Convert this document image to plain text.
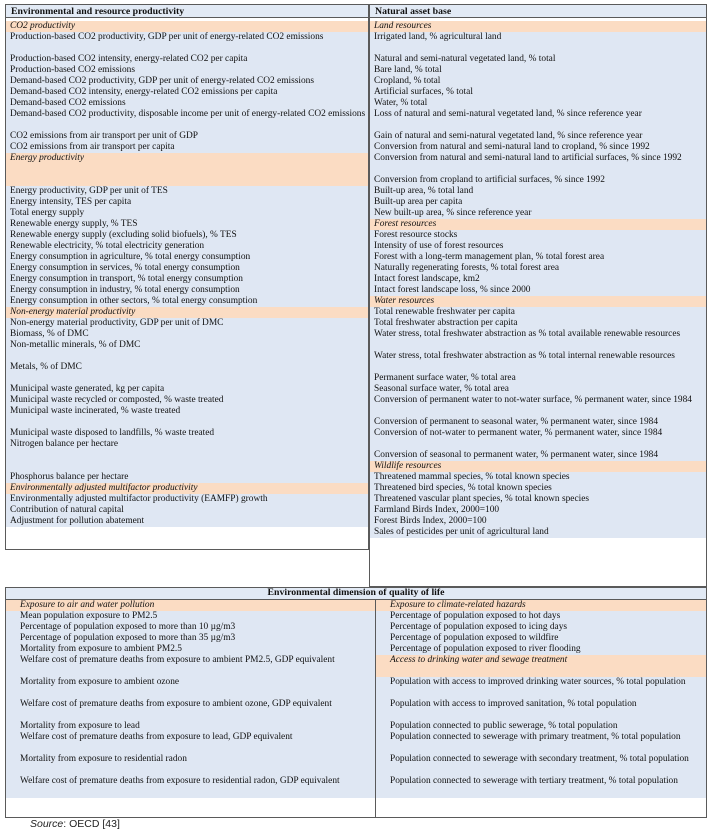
Environmental and resource productivity
CO2 productivity
Production-based CO2 productivity, GDP per unit of energy-related CO2 emissions
Production-based CO2 intensity, energy-related CO2 per capita
Production-based CO2 emissions
Demand-based CO2 productivity, GDP per unit of energy-related CO2 emissions
Demand-based CO2 intensity, energy-related CO2 emissions per capita
Demand-based CO2 emissions
Demand-based CO2 productivity, disposable income per unit of energy-related CO2 emissions
CO2 emissions from air transport per unit of GDP
CO2 emissions from air transport per capita
Energy productivity
Energy productivity, GDP per unit of TES
Energy intensity, TES per capita
Total energy supply
Renewable energy supply, % TES
Renewable energy supply (excluding solid biofuels), % TES
Renewable electricity, % total electricity generation
Energy consumption in agriculture, % total energy consumption
Energy consumption in services, % total energy consumption
Energy consumption in transport, % total energy consumption
Energy consumption in industry, % total energy consumption
Energy consumption in other sectors, % total energy consumption
Non-energy material productivity
Non-energy material productivity, GDP per unit of DMC
Biomass, % of DMC
Non-metallic minerals, % of DMC
Metals, % of DMC
Municipal waste generated, kg per capita
Municipal waste recycled or composted, % waste treated
Municipal waste incinerated, % waste treated
Municipal waste disposed to landfills, % waste treated
Nitrogen balance per hectare
Phosphorus balance per hectare
Environmentally adjusted multifactor productivity
Environmentally adjusted multifactor productivity (EAMFP) growth
Contribution of natural capital
Adjustment for pollution abatement
Natural asset base
Land resources
Irrigated land, % agricultural land
Natural and semi-natural vegetated land, % total
Bare land, % total
Cropland, % total
Artificial surfaces, % total
Water, % total
Loss of natural and semi-natural vegetated land, % since reference year
Gain of natural and semi-natural vegetated land, % since reference year
Conversion from natural and semi-natural land to cropland, % since 1992
Conversion from natural and semi-natural land to artificial surfaces, % since 1992
Conversion from cropland to artificial surfaces, % since 1992
Built-up area, % total land
Built-up area per capita
New built-up area, % since reference year
Forest resources
Forest resource stocks
Intensity of use of forest resources
Forest with a long-term management plan, % total forest area
Naturally regenerating forests, % total forest area
Intact forest landscape, km2
Intact forest landscape loss, % since 2000
Water resources
Total renewable freshwater per capita
Total freshwater abstraction per capita
Water stress, total freshwater abstraction as % total available renewable resources
Water stress, total freshwater abstraction as % total internal renewable resources
Permanent surface water, % total area
Seasonal surface water, % total area
Conversion of permanent water to not-water surface, % permanent water, since 1984
Conversion of permanent to seasonal water, % permanent water, since 1984
Conversion of not-water to permanent water, % permanent water, since 1984
Conversion of seasonal to permanent water, % permanent water, since 1984
Wildlife resources
Threatened mammal species, % total known species
Threatened bird species, % total known species
Threatened vascular plant species, % total known species
Farmland Birds Index, 2000=100
Forest Birds Index, 2000=100
Sales of pesticides per unit of agricultural land
Environmental dimension of quality of life
Exposure to air and water pollution
Mean population exposure to PM2.5
Percentage of population exposed to more than 10 µg/m3
Percentage of population exposed to more than 35 µg/m3
Mortality from exposure to ambient PM2.5
Welfare cost of premature deaths from exposure to ambient PM2.5, GDP equivalent
Mortality from exposure to ambient ozone
Welfare cost of premature deaths from exposure to ambient ozone, GDP equivalent
Mortality from exposure to lead
Welfare cost of premature deaths from exposure to lead, GDP equivalent
Mortality from exposure to residential radon
Welfare cost of premature deaths from exposure to residential radon, GDP equivalent
Exposure to climate-related hazards
Percentage of population exposed to hot days
Percentage of population exposed to icing days
Percentage of population exposed to wildfire
Percentage of population exposed to river flooding
Access to drinking water and sewage treatment
Population with access to improved drinking water sources, % total population
Population with access to improved sanitation, % total population
Population connected to public sewerage, % total population
Population connected to sewerage with primary treatment, % total population
Population connected to sewerage with secondary treatment, % total population
Population connected to sewerage with tertiary treatment, % total population
Source: OECD [43]
